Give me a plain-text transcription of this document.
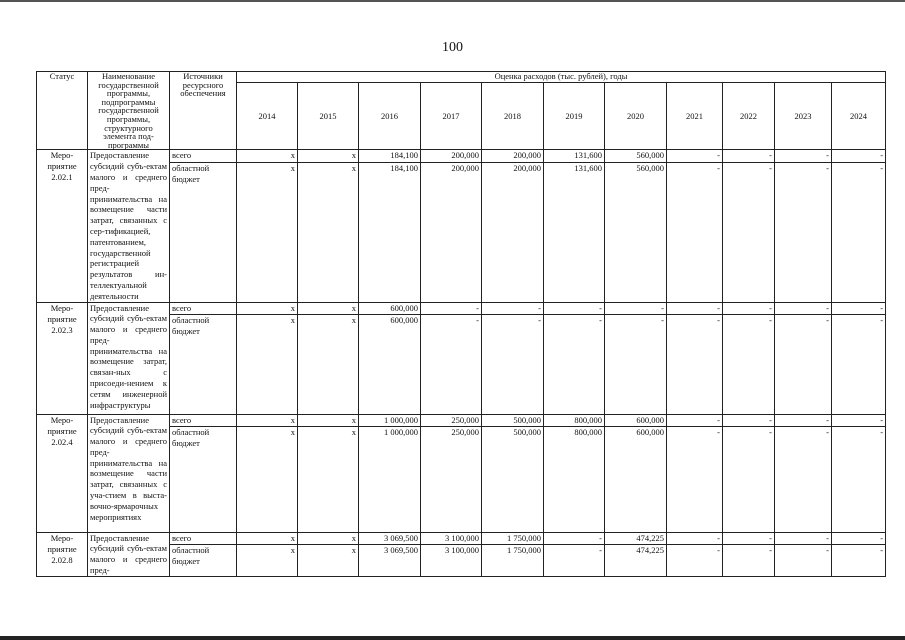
100
Статус	Наименование государственной программы, подпрограммы государственной программы, структурного элемента под-программы	Источники ресурсного обеспечения	Оценка расходов (тыс. рублей), годы										
			2014	2015	2016	2017	2018	2019	2020	2021	2022	2023	2024
Меро-приятие 2.02.1	Предоставление субсидий субъ-ектам малого и среднего пред-принимательства на возмещение части затрат, связанных с сер-тификацией, патентованием, государственной регистрацией результатов ин-теллектуальной деятельности	всего	x	x	184,100	200,000	200,000	131,600	560,000	-	-	-	-
		областной бюджет	x	x	184,100	200,000	200,000	131,600	560,000	-	-	-	-
Меро-приятие 2.02.3	Предоставление субсидий субъ-ектам малого и среднего пред-принимательства на возмещение затрат, связан-ных с присоеди-нением к сетям инженерной инфраструктуры	всего	x	x	600,000	-	-	-	-	-	-	-	-
		областной бюджет	x	x	600,000	-	-	-	-	-	-	-	-
Меро-приятие 2.02.4	Предоставление субсидий субъ-ектам малого и среднего пред-принимательства на возмещение части затрат, связанных с уча-стием в выста-вочно-ярмарочных мероприятиях	всего	x	x	1 000,000	250,000	500,000	800,000	600,000	-	-	-	-
		областной бюджет	x	x	1 000,000	250,000	500,000	800,000	600,000	-	-	-	-
Меро-приятие 2.02.8	Предоставление субсидий субъ-ектам малого и среднего пред-	всего	x	x	3 069,500	3 100,000	1 750,000	-	474,225	-	-	-	-
		областной бюджет	x	x	3 069,500	3 100,000	1 750,000	-	474,225	-	-	-	-
